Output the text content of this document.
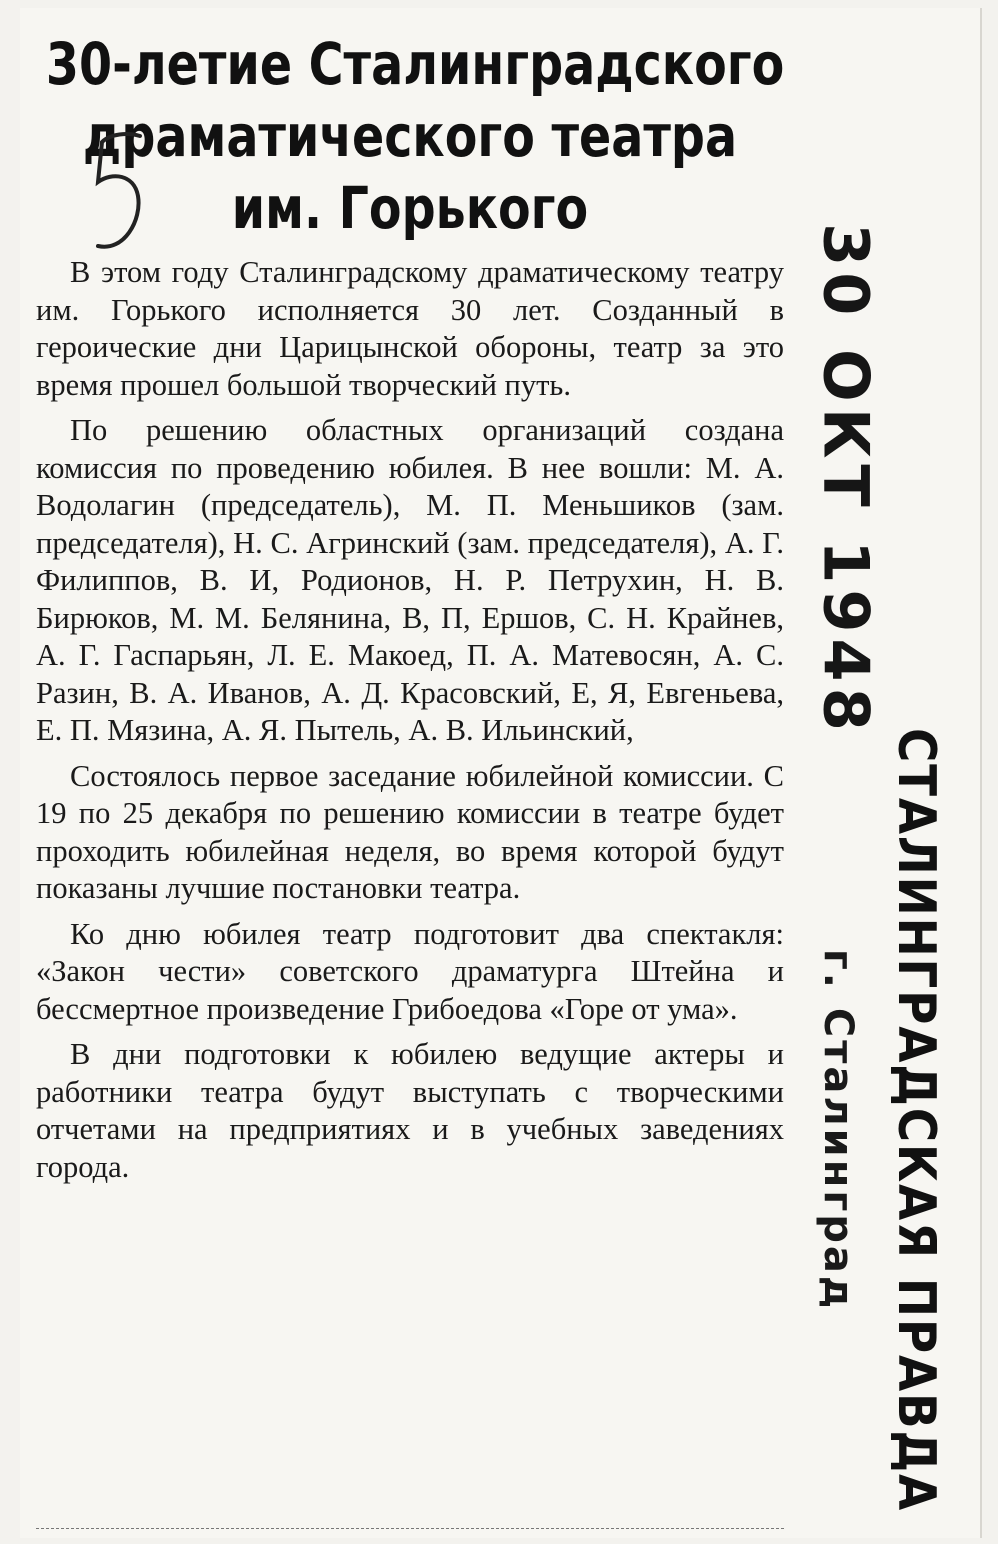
30-летие Сталинградского
драматического театра
им. Горького

В этом году Сталинградскому драматическому театру им. Горького исполняется 30 лет. Созданный в героические дни Царицынской обороны, театр за это время прошел большой творческий путь.

По решению областных организаций создана комиссия по проведению юбилея. В нее вошли: М. А. Водолагин (председатель), М. П. Меньшиков (зам. председателя), Н. С. Агринский (зам. председателя), А. Г. Филиппов, В. И, Родионов, Н. Р. Петрухин, Н. В. Бирюков, М. М. Белянина, В, П, Ершов, С. Н. Крайнев, А. Г. Гаспарьян, Л. Е. Макоед, П. А. Матевосян, А. С. Разин, В. А. Иванов, А. Д. Красовский, Е, Я, Евгеньева, Е. П. Мязина, А. Я. Пытель, А. В. Ильинский,

Состоялось первое заседание юбилейной комиссии. С 19 по 25 декабря по решению комиссии в театре будет проходить юбилейная неделя, во время которой будут показаны лучшие постановки театра.

Ко дню юбилея театр подготовит два спектакля: «Закон чести» советского драматурга Штейна и бессмертное произведение Грибоедова «Горе от ума».

В дни подготовки к юбилею ведущие актеры и работники театра будут выступать с творческими отчетами на предприятиях и в учебных заведениях города.

30 ОКТ 1948
СТАЛИНГРАДСКАЯ ПРАВДА
г. Сталинград
